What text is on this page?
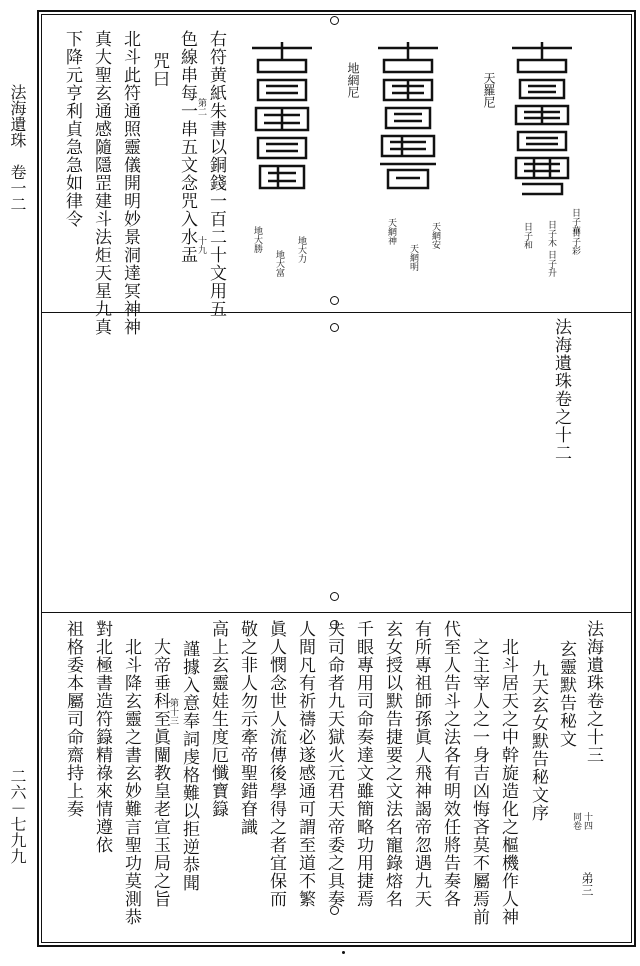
法海遺珠　卷一二
二六－七九九
天羅尼
日子彩
日子升
日子華
日子木
日子和
地網尼
天網安
天網明
天網神
地大力
地大富
地大勝
右符黄紙朱書以銅錢一百二十文用五
色線串每一串五文念咒入水盂 第二
十九
咒曰
北斗此符通照靈儀開明妙景洞達冥神神
真大聖玄通感隨隱罡建斗法炬天星九真
下降元亨利貞急急如律令
法海遺珠卷之十二
法海遺珠卷之十三
十四
同卷
弟三
玄靈默告秘文
九天玄女默告秘文序
北斗居天之中幹旋造化之樞機作人神
之主宰人之一身吉凶悔吝莫不屬焉前
代至人告斗之法各有明效任將告奏各
有所專祖師孫眞人飛神謁帝忽遇九天
玄女授以默告捷要之文法名寵錄熔名
千眼專用司命奏達文雖簡略功用捷焉
夫司命者九天獄火元君天帝委之具奏
人間凡有祈禱必遂感通可謂至道不繁
眞人憫念世人流傳後學得之者宜保而
敬之非人勿示牽帝聖錯眘識
高上玄靈娃生度厄懺寶籙
謹據入意奉詞虔格難以拒逆恭聞
第十三
大帝垂科至眞闡教皇老宣玉局之旨
北斗降玄靈之書玄妙難言聖功莫測恭
對北極書造符籙精祿來情遵依
祖格委本屬司命齋持上奏
